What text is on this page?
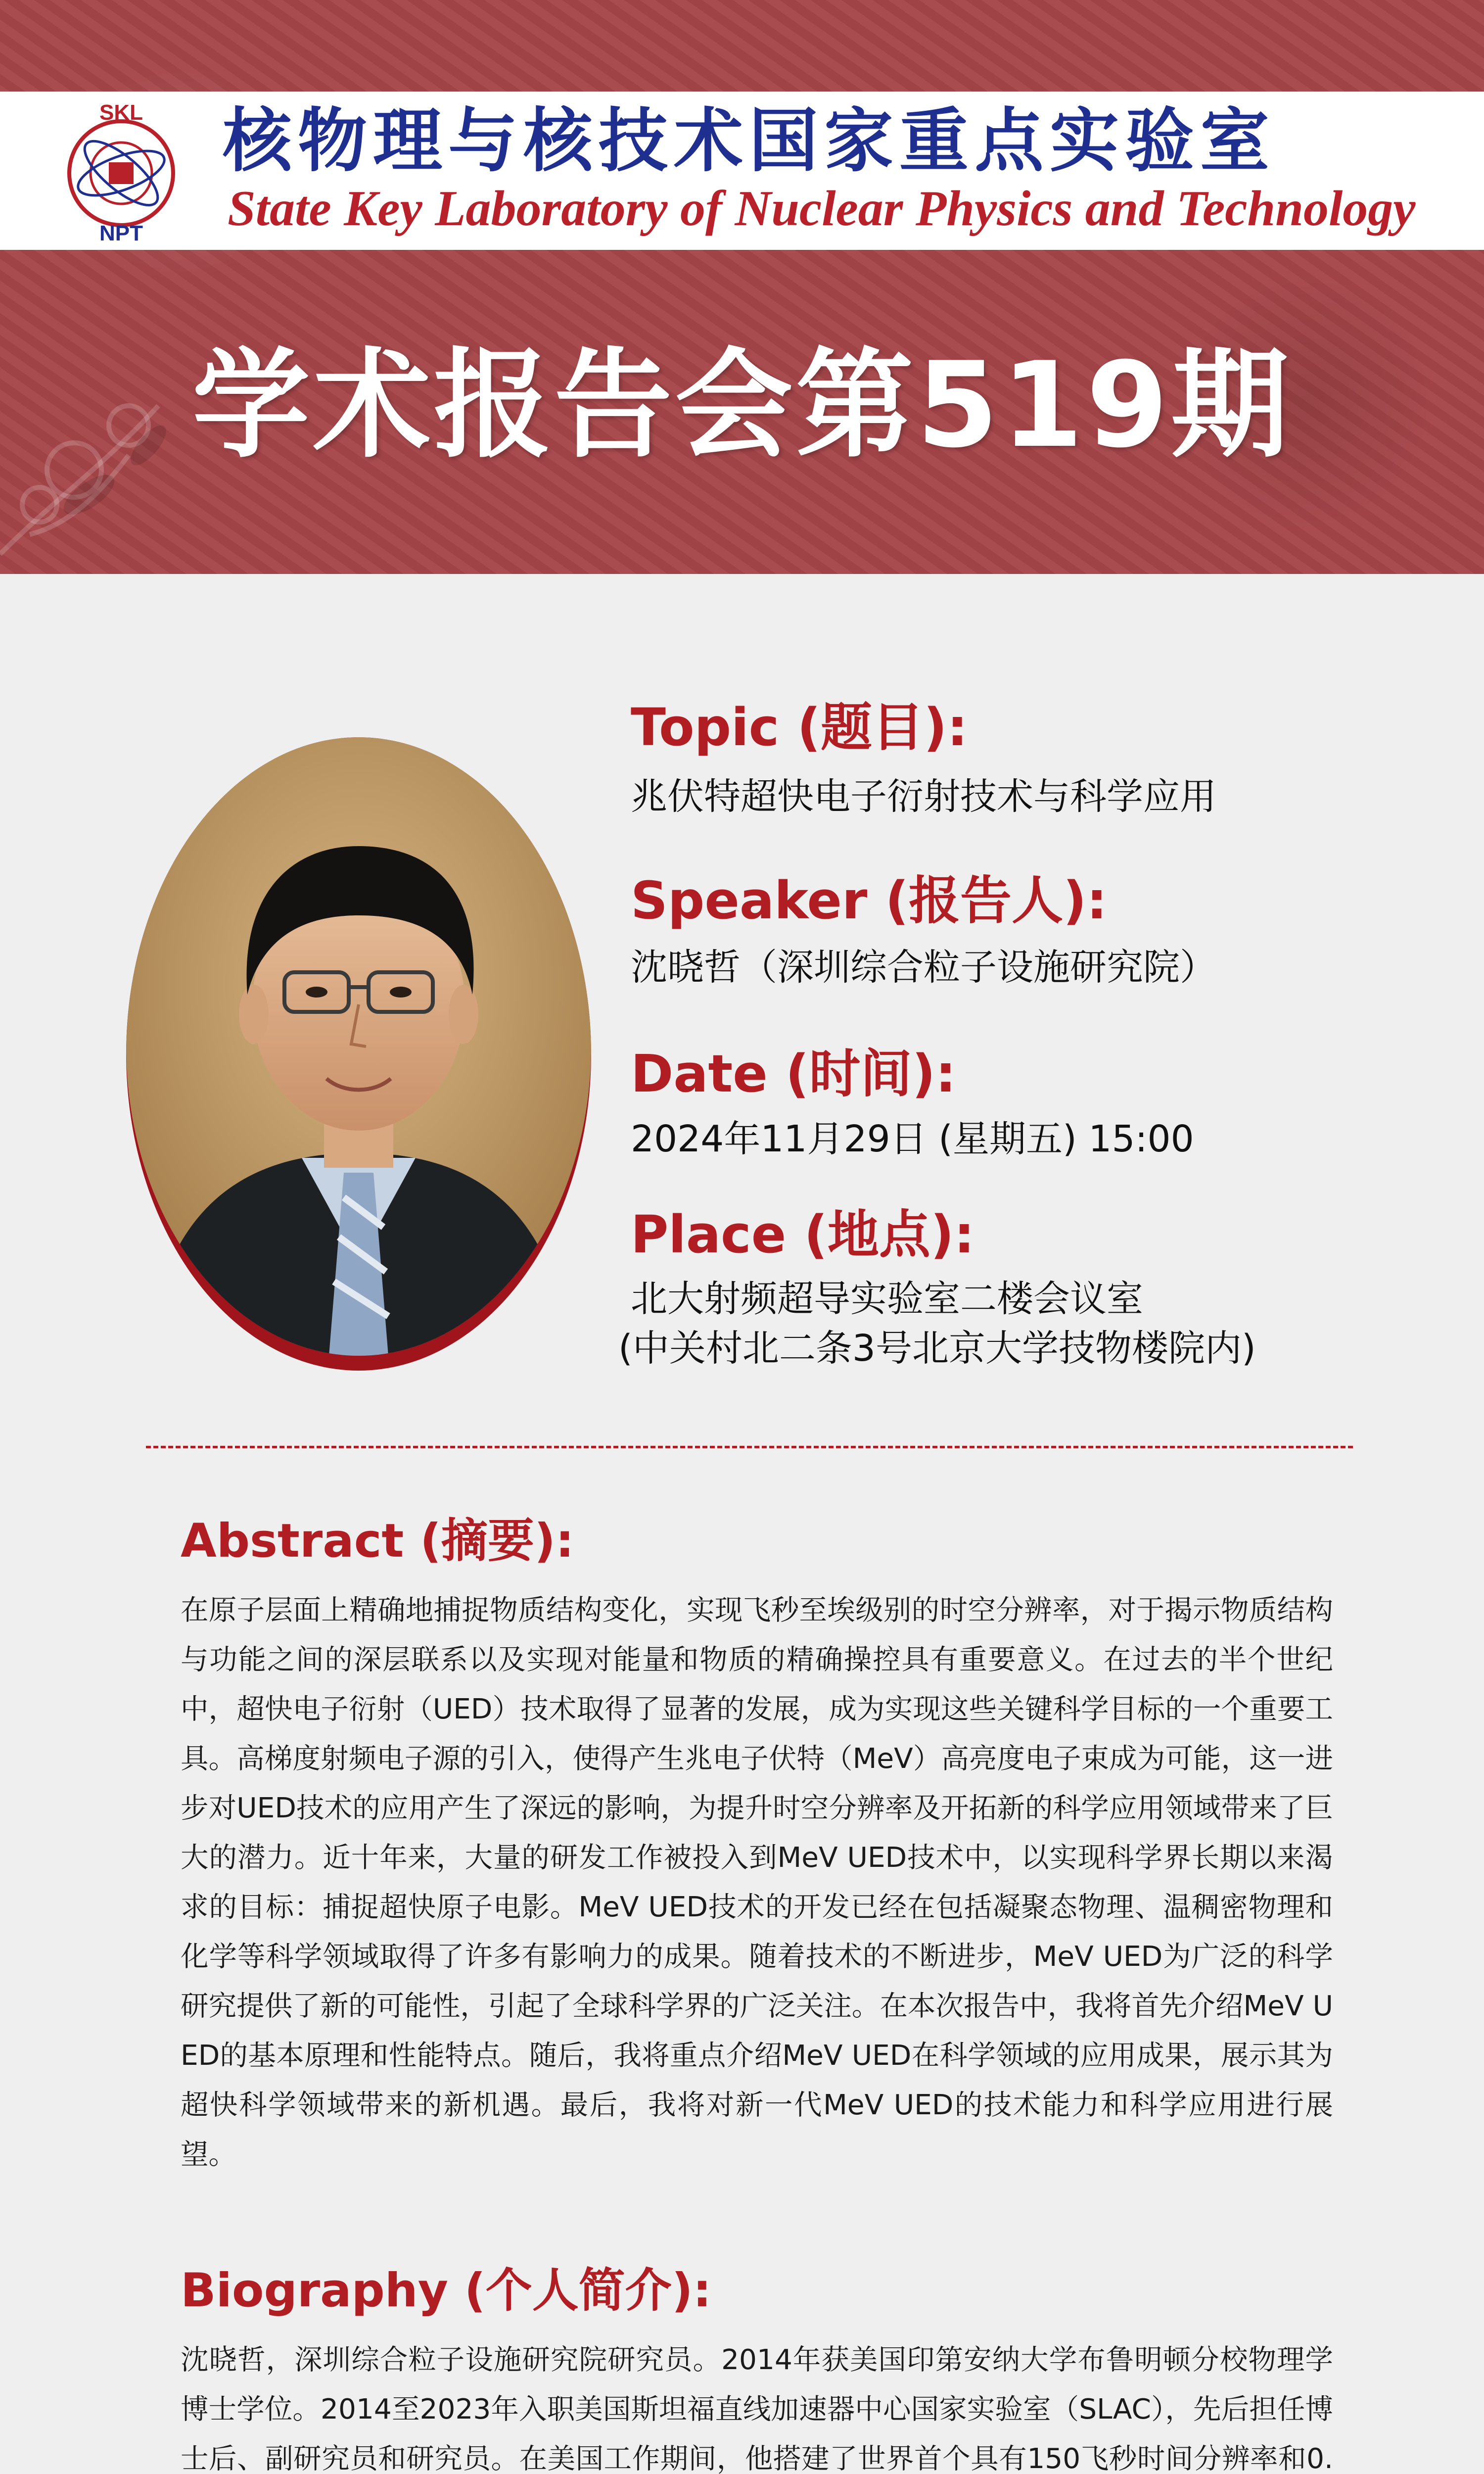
SKL
NPT
核物理与核技术国家重点实验室
State Key Laboratory of Nuclear Physics and Technology
学术报告会第519期
Topic (题目):
兆伏特超快电子衍射技术与科学应用
Speaker (报告人):
沈晓哲（深圳综合粒子设施研究院）
Date (时间):
2024年11月29日 (星期五) 15:00
Place (地点):
北大射频超导实验室二楼会议室
(中关村北二条3号北京大学技物楼院内)
Abstract (摘要):
在原子层面上精确地捕捉物质结构变化，实现飞秒至埃级别的时空分辨率，对于揭示物质结构与功能之间的深层联系以及实现对能量和物质的精确操控具有重要意义。在过去的半个世纪中，超快电子衍射（UED）技术取得了显著的发展，成为实现这些关键科学目标的一个重要工具。高梯度射频电子源的引入，使得产生兆电子伏特（MeV）高亮度电子束成为可能，这一进步对UED技术的应用产生了深远的影响，为提升时空分辨率及开拓新的科学应用领域带来了巨大的潜力。近十年来，大量的研发工作被投入到MeV UED技术中，以实现科学界长期以来渴求的目标：捕捉超快原子电影。MeV UED技术的开发已经在包括凝聚态物理、温稠密物理和化学等科学领域取得了许多有影响力的成果。随着技术的不断进步，MeV UED为广泛的科学研究提供了新的可能性，引起了全球科学界的广泛关注。在本次报告中，我将首先介绍MeV UED的基本原理和性能特点。随后，我将重点介绍MeV UED在科学领域的应用成果，展示其为超快科学领域带来的新机遇。最后，我将对新一代MeV UED的技术能力和科学应用进行展望。
Biography (个人简介):
沈晓哲，深圳综合粒子设施研究院研究员。2014年获美国印第安纳大学布鲁明顿分校物理学博士学位。2014至2023年入职美国斯坦福直线加速器中心国家实验室（SLAC），先后担任博士后、副研究员和研究员。在美国工作期间，他搭建了世界首个具有150飞秒时间分辨率和0.
